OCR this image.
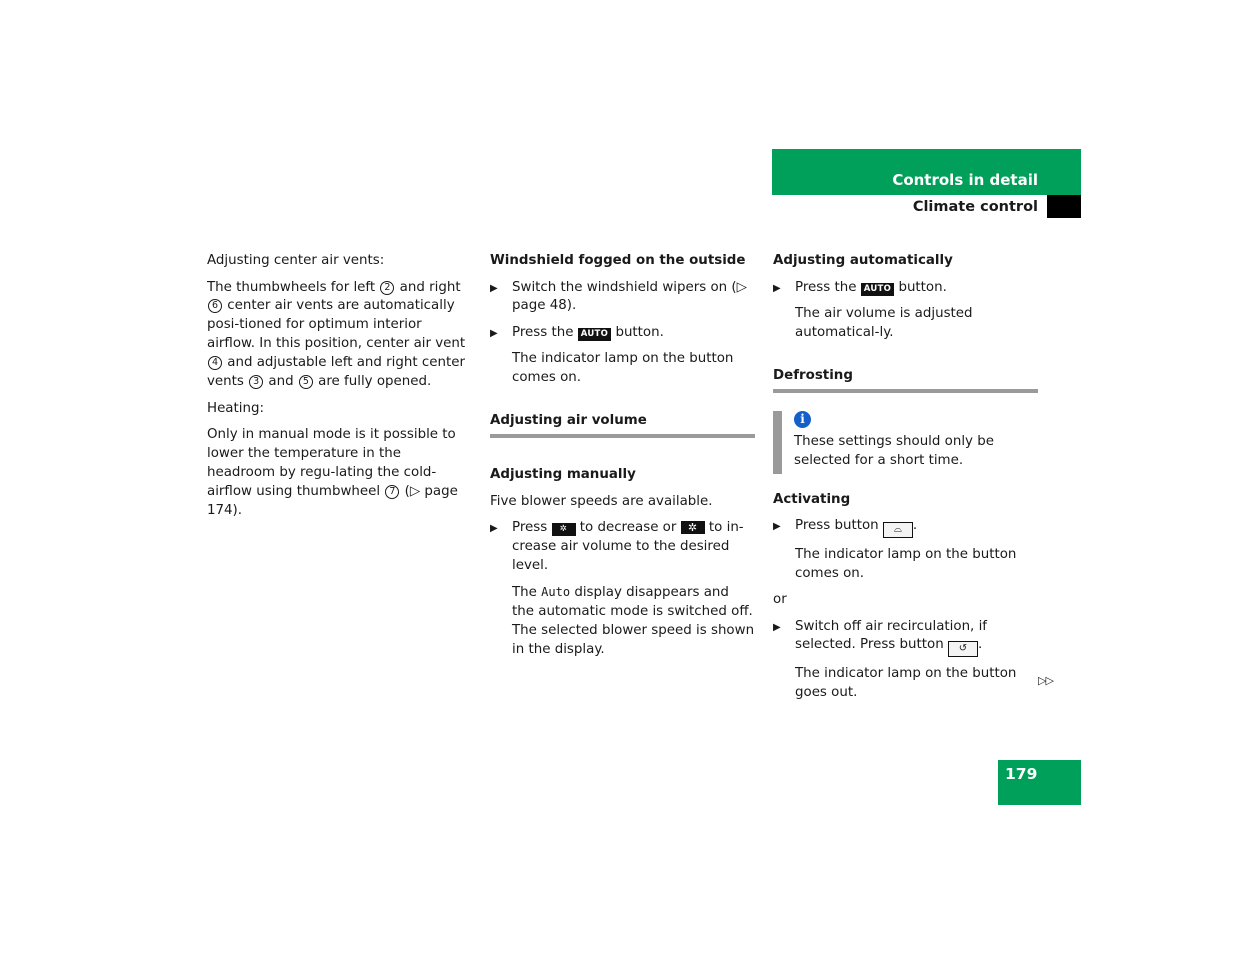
Controls in detail
Climate control

Adjusting center air vents:

The thumbwheels for left 2 and right 6 center air vents are automatically posi-tioned for optimum interior airflow. In this position, center air vent 4 and adjustable left and right center vents 3 and 5 are fully opened.

Heating:

Only in manual mode is it possible to lower the temperature in the headroom by regu-lating the cold-airflow using thumbwheel 7 (▷ page 174).

Windshield fogged on the outside
▶ Switch the windshield wipers on (▷ page 48).
▶ Press the AUTO button.
The indicator lamp on the button comes on.
Adjusting air volume
Adjusting manually

Five blower speeds are available.

▶ Press ✲ to decrease or ✲ to in-crease air volume to the desired level.
The Auto display disappears and the automatic mode is switched off. The selected blower speed is shown in the display.
Adjusting automatically
▶ Press the AUTO button.
The air volume is adjusted automatical-ly.
Defrosting
i
These settings should only be selected for a short time.
Activating
▶ Press button ⌓ .
The indicator lamp on the button comes on.

or

▶ Switch off air recirculation, if selected. Press button ↺ .
The indicator lamp on the button goes out.
▷▷
179
